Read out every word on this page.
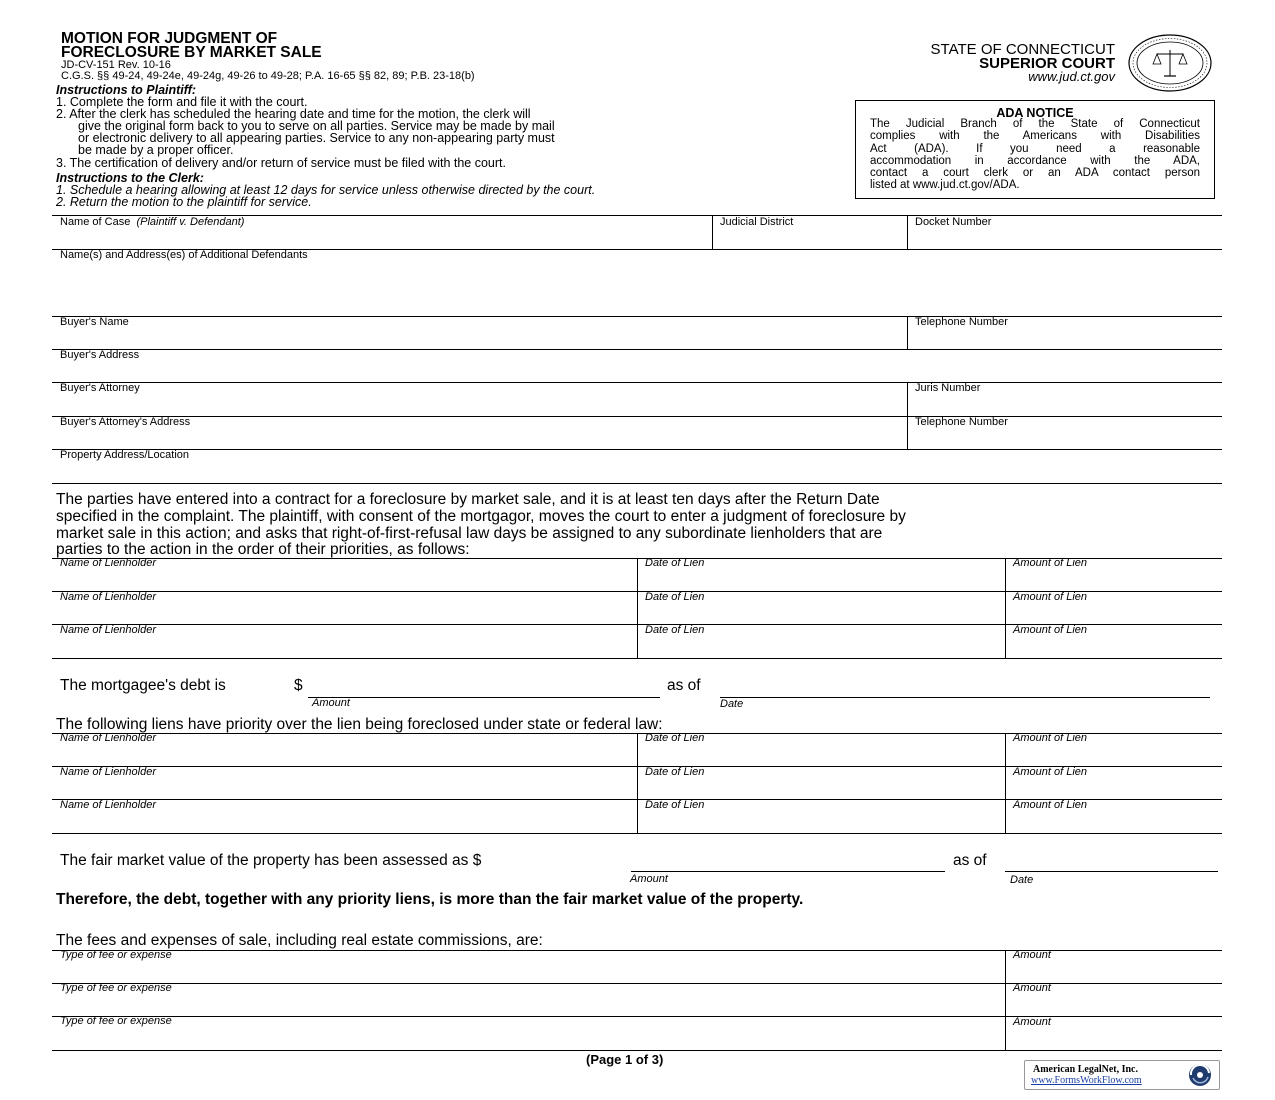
MOTION FOR JUDGMENT OF
FORECLOSURE BY MARKET SALE
JD-CV-151 Rev. 10-16
C.G.S. §§ 49-24, 49-24e, 49-24g, 49-26 to 49-28; P.A. 16-65 §§ 82, 89; P.B. 23-18(b)
STATE OF CONNECTICUT
SUPERIOR COURT
www.jud.ct.gov
Instructions to Plaintiff:
1. Complete the form and file it with the court.
2. After the clerk has scheduled the hearing date and time for the motion, the clerk will
give the original form back to you to serve on all parties. Service may be made by mail
or electronic delivery to all appearing parties. Service to any non-appearing party must
be made by a proper officer.
3. The certification of delivery and/or return of service must be filed with the court.
Instructions to the Clerk:
1. Schedule a hearing allowing at least 12 days for service unless otherwise directed by the court.
2. Return the motion to the plaintiff for service.
ADA NOTICE
The Judicial Branch of the State of Connecticut
complies with the Americans with Disabilities
Act (ADA). If you need a reasonable
accommodation in accordance with the ADA,
contact a court clerk or an ADA contact person
listed at www.jud.ct.gov/ADA.
Name of Case (Plaintiff v. Defendant)	Judicial District	Docket Number
Name(s) and Address(es) of Additional Defendants
Buyer's Name	Telephone Number
Buyer's Address
Buyer's Attorney	Juris Number
Buyer's Attorney's Address	Telephone Number
Property Address/Location
The parties have entered into a contract for a foreclosure by market sale, and it is at least ten days after the Return Date
specified in the complaint. The plaintiff, with consent of the mortgagor, moves the court to enter a judgment of foreclosure by
market sale in this action; and asks that right-of-first-refusal law days be assigned to any subordinate lienholders that are
parties to the action in the order of their priorities, as follows:
Name of Lienholder	Date of Lien	Amount of Lien
Name of Lienholder	Date of Lien	Amount of Lien
Name of Lienholder	Date of Lien	Amount of Lien
The mortgagee's debt is	$	as of
Amount	Date
The following liens have priority over the lien being foreclosed under state or federal law:
Name of Lienholder	Date of Lien	Amount of Lien
Name of Lienholder	Date of Lien	Amount of Lien
Name of Lienholder	Date of Lien	Amount of Lien
The fair market value of the property has been assessed as $	as of
Amount	Date
Therefore, the debt, together with any priority liens, is more than the fair market value of the property.
The fees and expenses of sale, including real estate commissions, are:
Type of fee or expense	Amount
Type of fee or expense	Amount
Type of fee or expense	Amount
(Page 1 of 3)
American LegalNet, Inc.
www.FormsWorkFlow.com
